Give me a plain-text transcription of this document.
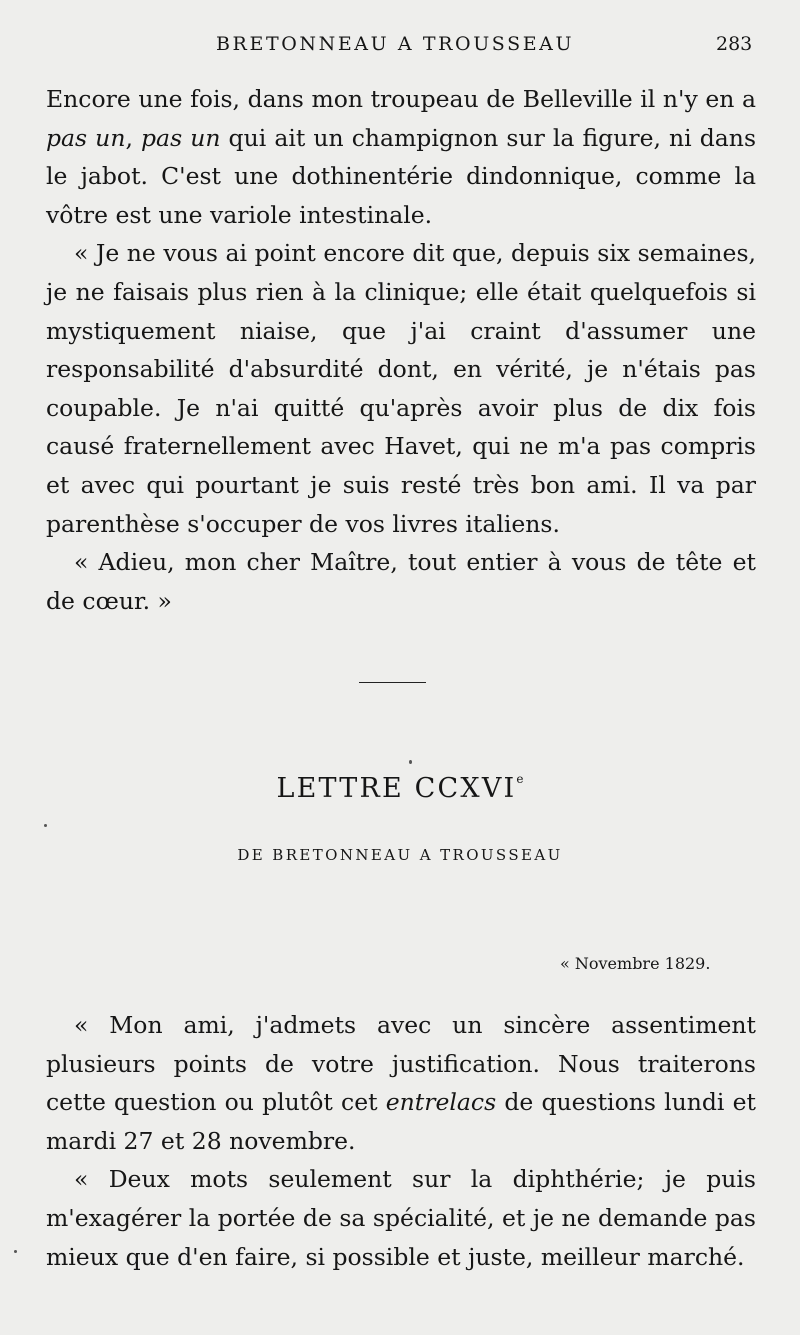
BRETONNEAU A TROUSSEAU	283

Encore une fois, dans mon troupeau de Belleville il n'y en a pas un, pas un qui ait un champignon sur la figure, ni dans le jabot. C'est une dothinentérie dindonnique, comme la vôtre est une variole intestinale.

« Je ne vous ai point encore dit que, depuis six semaines, je ne faisais plus rien à la clinique; elle était quelquefois si mystiquement niaise, que j'ai craint d'assumer une responsabilité d'absurdité dont, en vérité, je n'étais pas coupable. Je n'ai quitté qu'après avoir plus de dix fois causé fraternellement avec Havet, qui ne m'a pas compris et avec qui pourtant je suis resté très bon ami. Il va par parenthèse s'occuper de vos livres italiens.

« Adieu, mon cher Maître, tout entier à vous de tête et de cœur. »

LETTRE CCXVIe
DE BRETONNEAU A TROUSSEAU
« Novembre 1829.

« Mon ami, j'admets avec un sincère assentiment plusieurs points de votre justification. Nous traiterons cette question ou plutôt cet entrelacs de questions lundi et mardi 27 et 28 novembre.

« Deux mots seulement sur la diphthérie; je puis m'exagérer la portée de sa spécialité, et je ne demande pas mieux que d'en faire, si possible et juste, meilleur marché.
